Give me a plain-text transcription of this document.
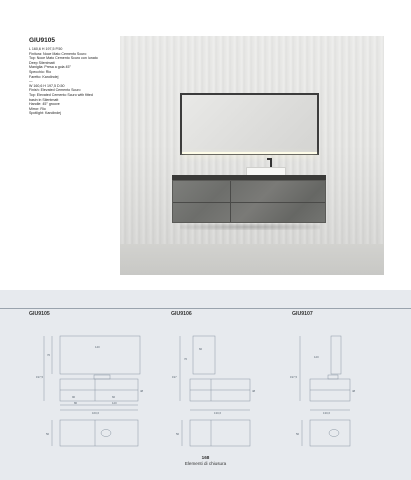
GIU9105
L 160,6 H 197,5 P.50
Finitura: Noce Mato Cemento Scuro
Top: Noce Mato Cemento Scuro con lunato
Deep Silentmatt
Maniglia: Presa a gola 45°
Specchio: Rio
Faretto: Kandindej
—
W 160,6 H 197,5 D.50
Finish: Elevated Cemento Scuro
Top: Elevated Cemento Scuro with fitted
basin in Silentmatt
Handle: 45° groove
Mirror: Rio
Spotlight: Kandindej
GIU9105	GIU9106	GIU9107
140
70
197,5
48
90	60
80	120
160,6
50
60
70
197
48
130,6
50
120
197,5
48
130,6
50
168
Elementi di chiusura
